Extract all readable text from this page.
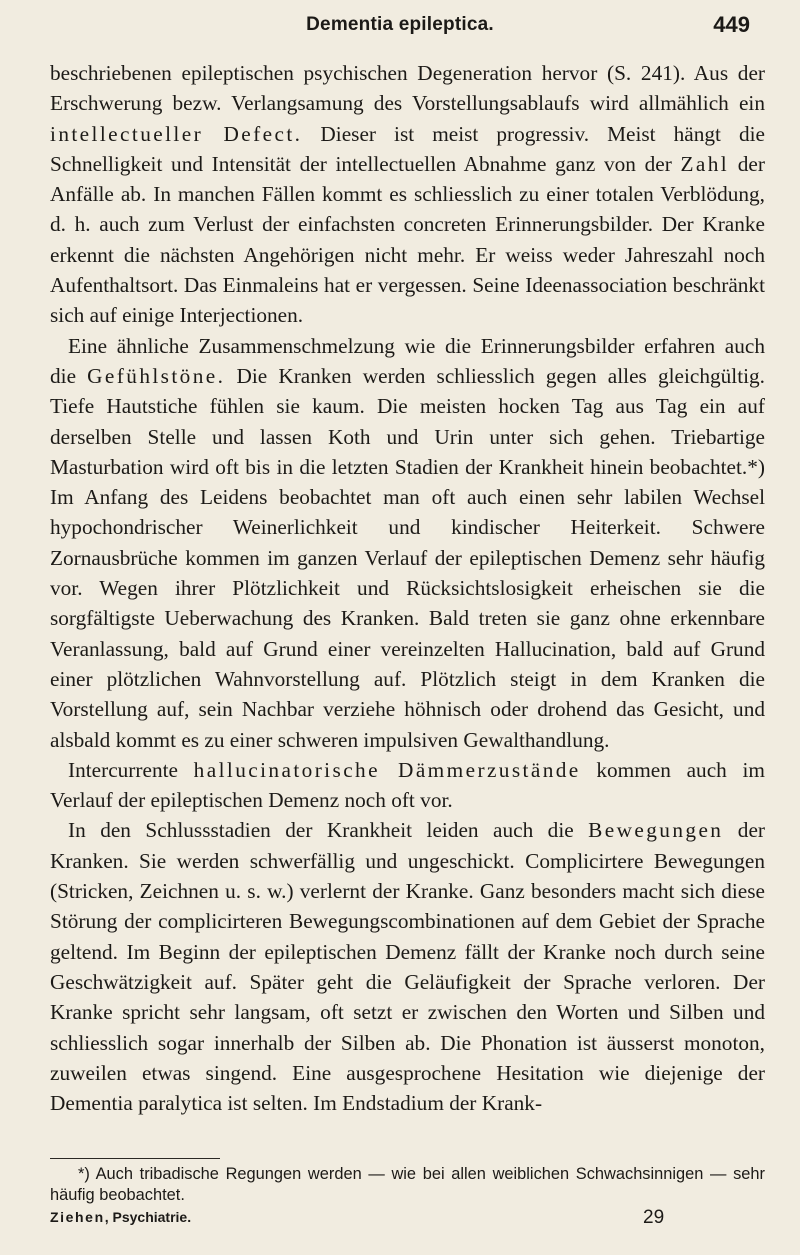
Dementia epileptica.	449

beschriebenen epileptischen psychischen Degeneration hervor (S. 241). Aus der Erschwerung bezw. Verlangsamung des Vorstellungsablaufs wird allmählich ein intellectueller Defect. Dieser ist meist progressiv. Meist hängt die Schnelligkeit und Intensität der intellectuellen Abnahme ganz von der Zahl der Anfälle ab. In manchen Fällen kommt es schliesslich zu einer totalen Verblödung, d. h. auch zum Verlust der einfachsten concreten Erinnerungsbilder. Der Kranke erkennt die nächsten Angehörigen nicht mehr. Er weiss weder Jahreszahl noch Aufenthaltsort. Das Einmaleins hat er vergessen. Seine Ideenassociation beschränkt sich auf einige Interjectionen.

Eine ähnliche Zusammenschmelzung wie die Erinnerungsbilder erfahren auch die Gefühlstöne. Die Kranken werden schliesslich gegen alles gleichgültig. Tiefe Hautstiche fühlen sie kaum. Die meisten hocken Tag aus Tag ein auf derselben Stelle und lassen Koth und Urin unter sich gehen. Triebartige Masturbation wird oft bis in die letzten Stadien der Krankheit hinein beobachtet.*) Im Anfang des Leidens beobachtet man oft auch einen sehr labilen Wechsel hypochondrischer Weinerlichkeit und kindischer Heiterkeit. Schwere Zornausbrüche kommen im ganzen Verlauf der epileptischen Demenz sehr häufig vor. Wegen ihrer Plötzlichkeit und Rücksichtslosigkeit erheischen sie die sorgfältigste Ueberwachung des Kranken. Bald treten sie ganz ohne erkennbare Veranlassung, bald auf Grund einer vereinzelten Hallucination, bald auf Grund einer plötzlichen Wahnvorstellung auf. Plötzlich steigt in dem Kranken die Vorstellung auf, sein Nachbar verziehe höhnisch oder drohend das Gesicht, und alsbald kommt es zu einer schweren impulsiven Gewalthandlung.

Intercurrente hallucinatorische Dämmerzustände kommen auch im Verlauf der epileptischen Demenz noch oft vor.

In den Schlussstadien der Krankheit leiden auch die Bewegungen der Kranken. Sie werden schwerfällig und ungeschickt. Complicirtere Bewegungen (Stricken, Zeichnen u. s. w.) verlernt der Kranke. Ganz besonders macht sich diese Störung der complicirteren Bewegungscombinationen auf dem Gebiet der Sprache geltend. Im Beginn der epileptischen Demenz fällt der Kranke noch durch seine Geschwätzigkeit auf. Später geht die Geläufigkeit der Sprache verloren. Der Kranke spricht sehr langsam, oft setzt er zwischen den Worten und Silben und schliesslich sogar innerhalb der Silben ab. Die Phonation ist äusserst monoton, zuweilen etwas singend. Eine ausgesprochene Hesitation wie diejenige der Dementia paralytica ist selten. Im Endstadium der Krank-

*) Auch tribadische Regungen werden — wie bei allen weiblichen Schwachsinnigen — sehr häufig beobachtet.

Ziehen, Psychiatrie.	29
